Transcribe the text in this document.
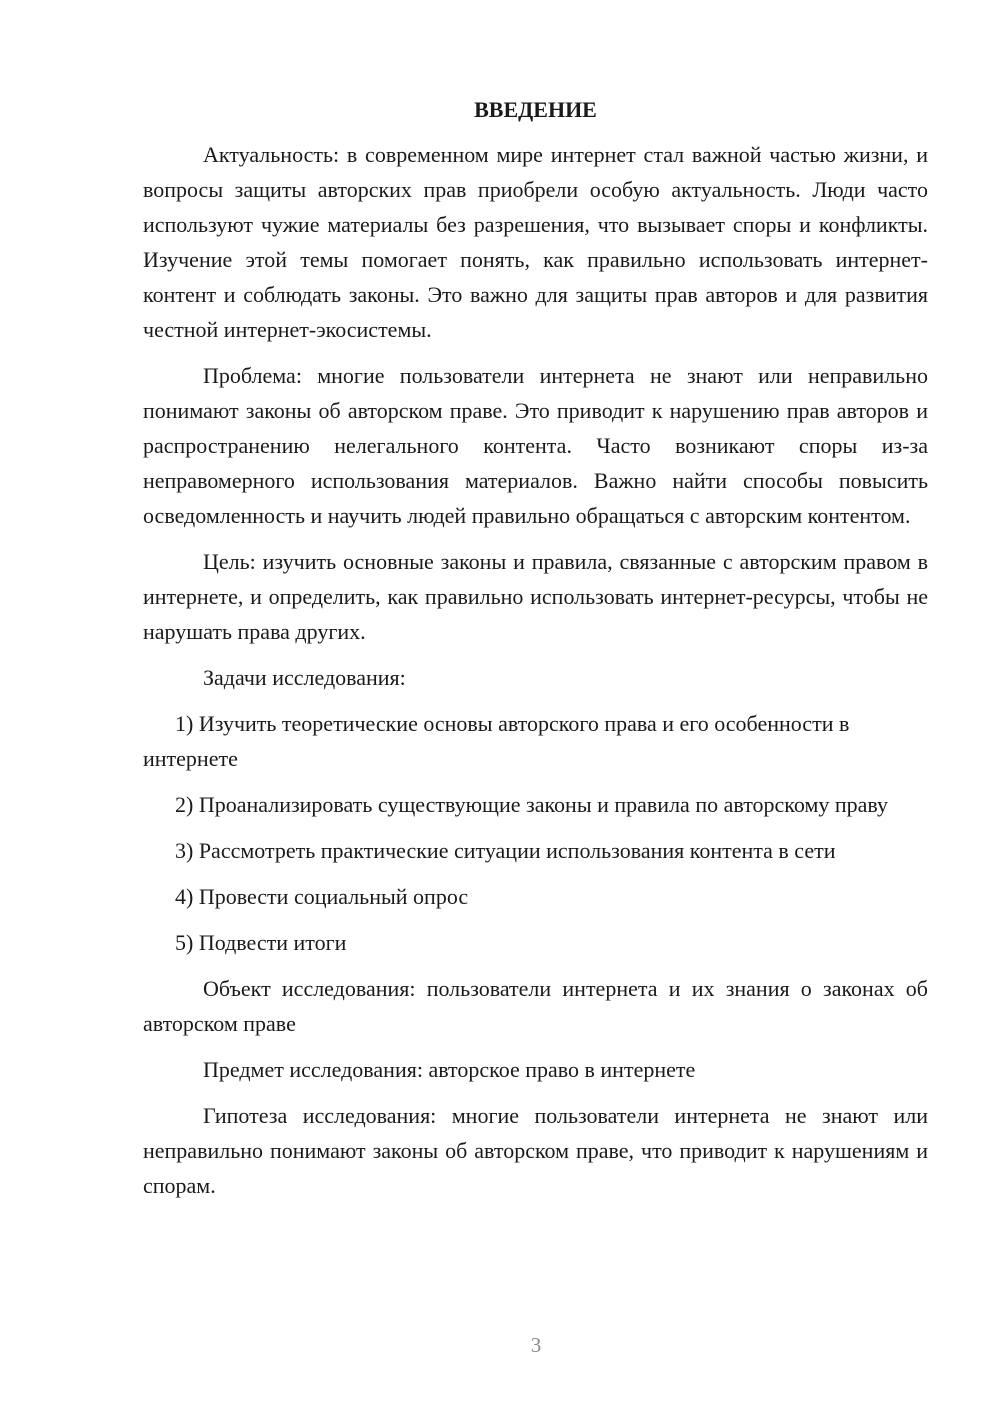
ВВЕДЕНИЕ

Актуальность: в современном мире интернет стал важной частью жизни, и вопросы защиты авторских прав приобрели особую актуальность. Люди часто используют чужие материалы без разрешения, что вызывает споры и конфликты. Изучение этой темы помогает понять, как правильно использовать интернет-контент и соблюдать законы. Это важно для защиты прав авторов и для развития честной интернет-экосистемы.

Проблема: многие пользователи интернета не знают или неправильно понимают законы об авторском праве. Это приводит к нарушению прав авторов и распространению нелегального контента. Часто возникают споры из-за неправомерного использования материалов. Важно найти способы повысить осведомленность и научить людей правильно обращаться с авторским контентом.

Цель: изучить основные законы и правила, связанные с авторским правом в интернете, и определить, как правильно использовать интернет-ресурсы, чтобы не нарушать права других.

Задачи исследования:

1) Изучить теоретические основы авторского права и его особенности в интернете

2) Проанализировать существующие законы и правила по авторскому праву

3) Рассмотреть практические ситуации использования контента в сети

4) Провести социальный опрос

5) Подвести итоги

Объект исследования: пользователи интернета и их знания о законах об авторском праве

Предмет исследования: авторское право в интернете

Гипотеза исследования: многие пользователи интернета не знают или неправильно понимают законы об авторском праве, что приводит к нарушениям и спорам.

3
